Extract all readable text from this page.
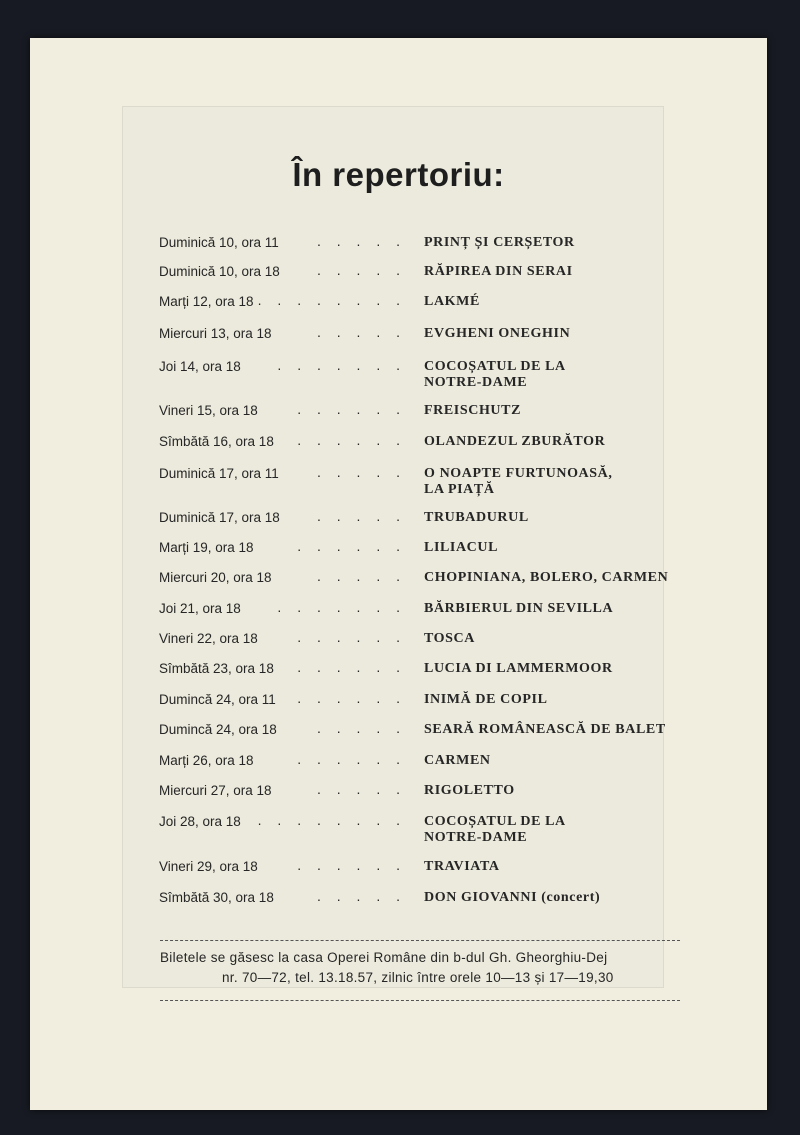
În repertoriu:
Duminică 10, ora 11	. . . . . PRINȚ ȘI CERȘETOR
Duminică 10, ora 18	. . . . . RĂPIREA DIN SERAI
Marți 12, ora 18 . . . . . . . . LAKMÉ
Miercuri 13, ora 18	. . . . . EVGHENI ONEGHIN
Joi 14, ora 18	. . . . . . . COCOȘATUL DE LA
NOTRE-DAME
Vineri 15, ora 18	. . . . . . FREISCHUTZ
Sîmbătă 16, ora 18 . . . . . . OLANDEZUL ZBURĂTOR
Duminică 17, ora 11	. . . . . O NOAPTE FURTUNOASĂ,
LA PIAȚĂ
Duminică 17, ora 18	. . . . . TRUBADURUL
Marți 19, ora 18	. . . . . . LILIACUL
Miercuri 20, ora 18	. . . . . CHOPINIANA, BOLERO, CARMEN
Joi 21, ora 18	. . . . . . . BĂRBIERUL DIN SEVILLA
Vineri 22, ora 18	. . . . . . TOSCA
Sîmbătă 23, ora 18 . . . . . . LUCIA DI LAMMERMOOR
Dumincă 24, ora 11 . . . . . . INIMĂ DE COPIL
Dumincă 24, ora 18	. . . . . SEARĂ ROMÂNEASCĂ DE BALET
Marți 26, ora 18	. . . . . . CARMEN
Miercuri 27, ora 18	. . . . . RIGOLETTO
Joi 28, ora 18 . . . . . . . . COCOȘATUL DE LA
NOTRE-DAME
Vineri 29, ora 18	. . . . . . TRAVIATA
Sîmbătă 30, ora 18	. . . . . DON GIOVANNI (concert)
Biletele se găsesc la casa Operei Române din b-dul Gh. Gheorghiu-Dej
nr. 70—72, tel. 13.18.57, zilnic între orele 10—13 și 17—19,30
